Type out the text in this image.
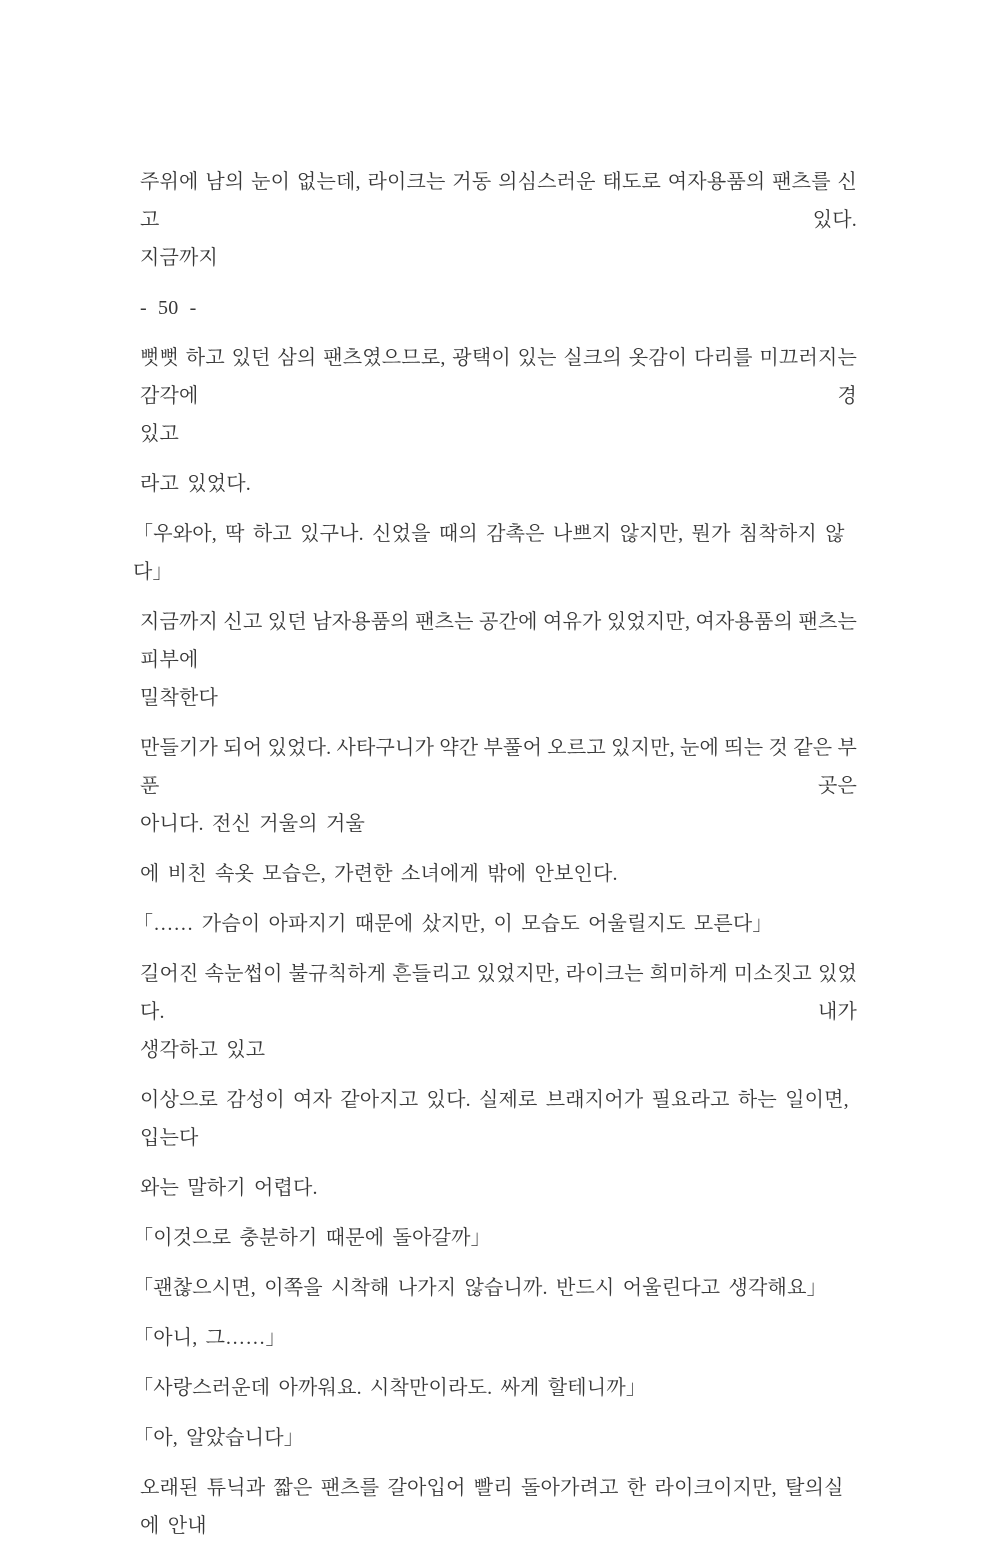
주위에 남의 눈이 없는데, 라이크는 거동 의심스러운 태도로 여자용품의 팬츠를 신고 있다.
지금까지
- 50 -
뻣뻣 하고 있던 삼의 팬츠였으므로, 광택이 있는 실크의 옷감이 다리를 미끄러지는 감각에 경
있고
라고 있었다.
「우와아, 딱 하고 있구나. 신었을 때의 감촉은 나쁘지 않지만, 뭔가 침착하지 않다」
지금까지 신고 있던 남자용품의 팬츠는 공간에 여유가 있었지만, 여자용품의 팬츠는 피부에
밀착한다
만들기가 되어 있었다. 사타구니가 약간 부풀어 오르고 있지만, 눈에 띄는 것 같은 부푼 곳은
아니다. 전신 거울의 거울
에 비친 속옷 모습은, 가련한 소녀에게 밖에 안보인다.
「…… 가슴이 아파지기 때문에 샀지만, 이 모습도 어울릴지도 모른다」
길어진 속눈썹이 불규칙하게 흔들리고 있었지만, 라이크는 희미하게 미소짓고 있었다. 내가
생각하고 있고
이상으로 감성이 여자 같아지고 있다. 실제로 브래지어가 필요라고 하는 일이면, 입는다
와는 말하기 어렵다.
「이것으로 충분하기 때문에 돌아갈까」
「괜찮으시면, 이쪽을 시착해 나가지 않습니까. 반드시 어울린다고 생각해요」
「아니, 그……」
「사랑스러운데 아까워요. 시착만이라도. 싸게 할테니까」
「아, 알았습니다」
오래된 튜닉과 짧은 팬츠를 갈아입어 빨리 돌아가려고 한 라이크이지만, 탈의실에 안내
